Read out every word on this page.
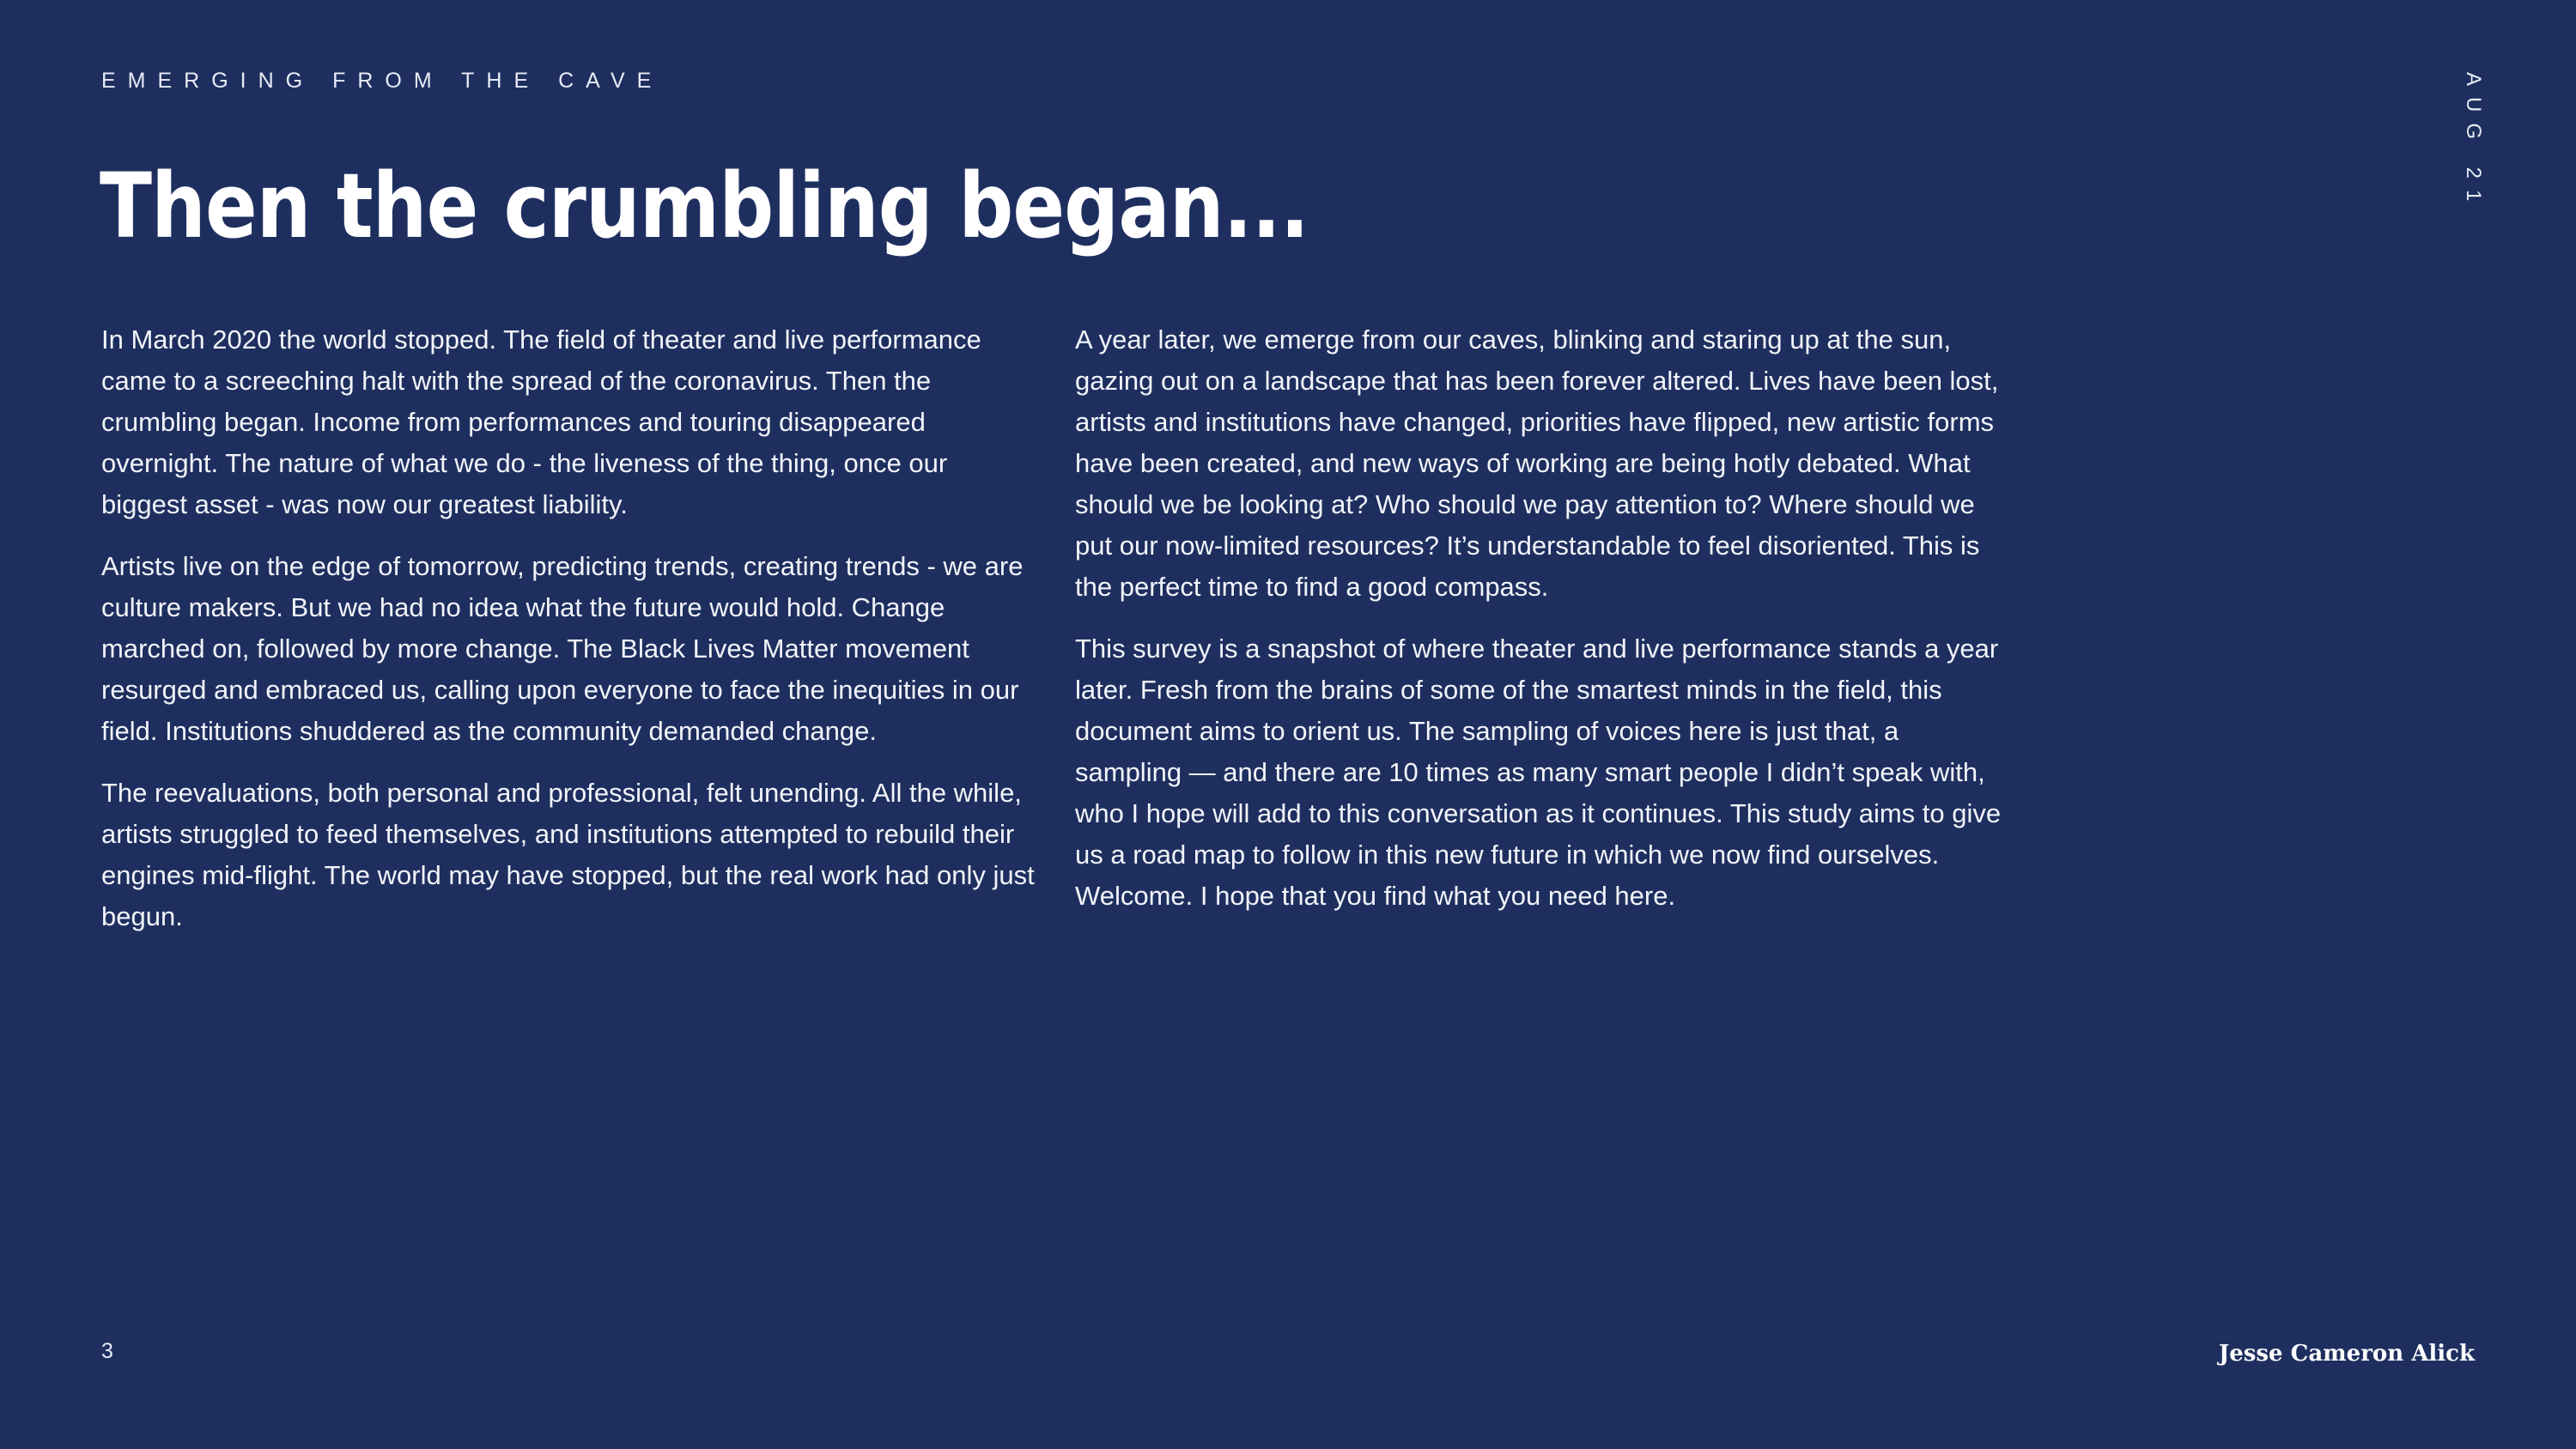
EMERGING FROM THE CAVE	AUG 21
Then the crumbling began...

In March 2020 the world stopped. The field of theater and live performance came to a screeching halt with the spread of the coronavirus. Then the crumbling began. Income from performances and touring disappeared overnight. The nature of what we do - the liveness of the thing, once our biggest asset - was now our greatest liability.

Artists live on the edge of tomorrow, predicting trends, creating trends - we are culture makers. But we had no idea what the future would hold. Change marched on, followed by more change. The Black Lives Matter movement resurged and embraced us, calling upon everyone to face the inequities in our field. Institutions shuddered as the community demanded change.

The reevaluations, both personal and professional, felt unending. All the while, artists struggled to feed themselves, and institutions attempted to rebuild their engines mid-flight. The world may have stopped, but the real work had only just begun.

A year later, we emerge from our caves, blinking and staring up at the sun, gazing out on a landscape that has been forever altered. Lives have been lost, artists and institutions have changed, priorities have flipped, new artistic forms have been created, and new ways of working are being hotly debated. What should we be looking at? Who should we pay attention to? Where should we put our now-limited resources? It’s understandable to feel disoriented. This is the perfect time to find a good compass.

This survey is a snapshot of where theater and live performance stands a year later. Fresh from the brains of some of the smartest minds in the field, this document aims to orient us. The sampling of voices here is just that, a sampling — and there are 10 times as many smart people I didn’t speak with, who I hope will add to this conversation as it continues. This study aims to give us a road map to follow in this new future in which we now find ourselves. Welcome. I hope that you find what you need here.

3	Jesse Cameron Alick
